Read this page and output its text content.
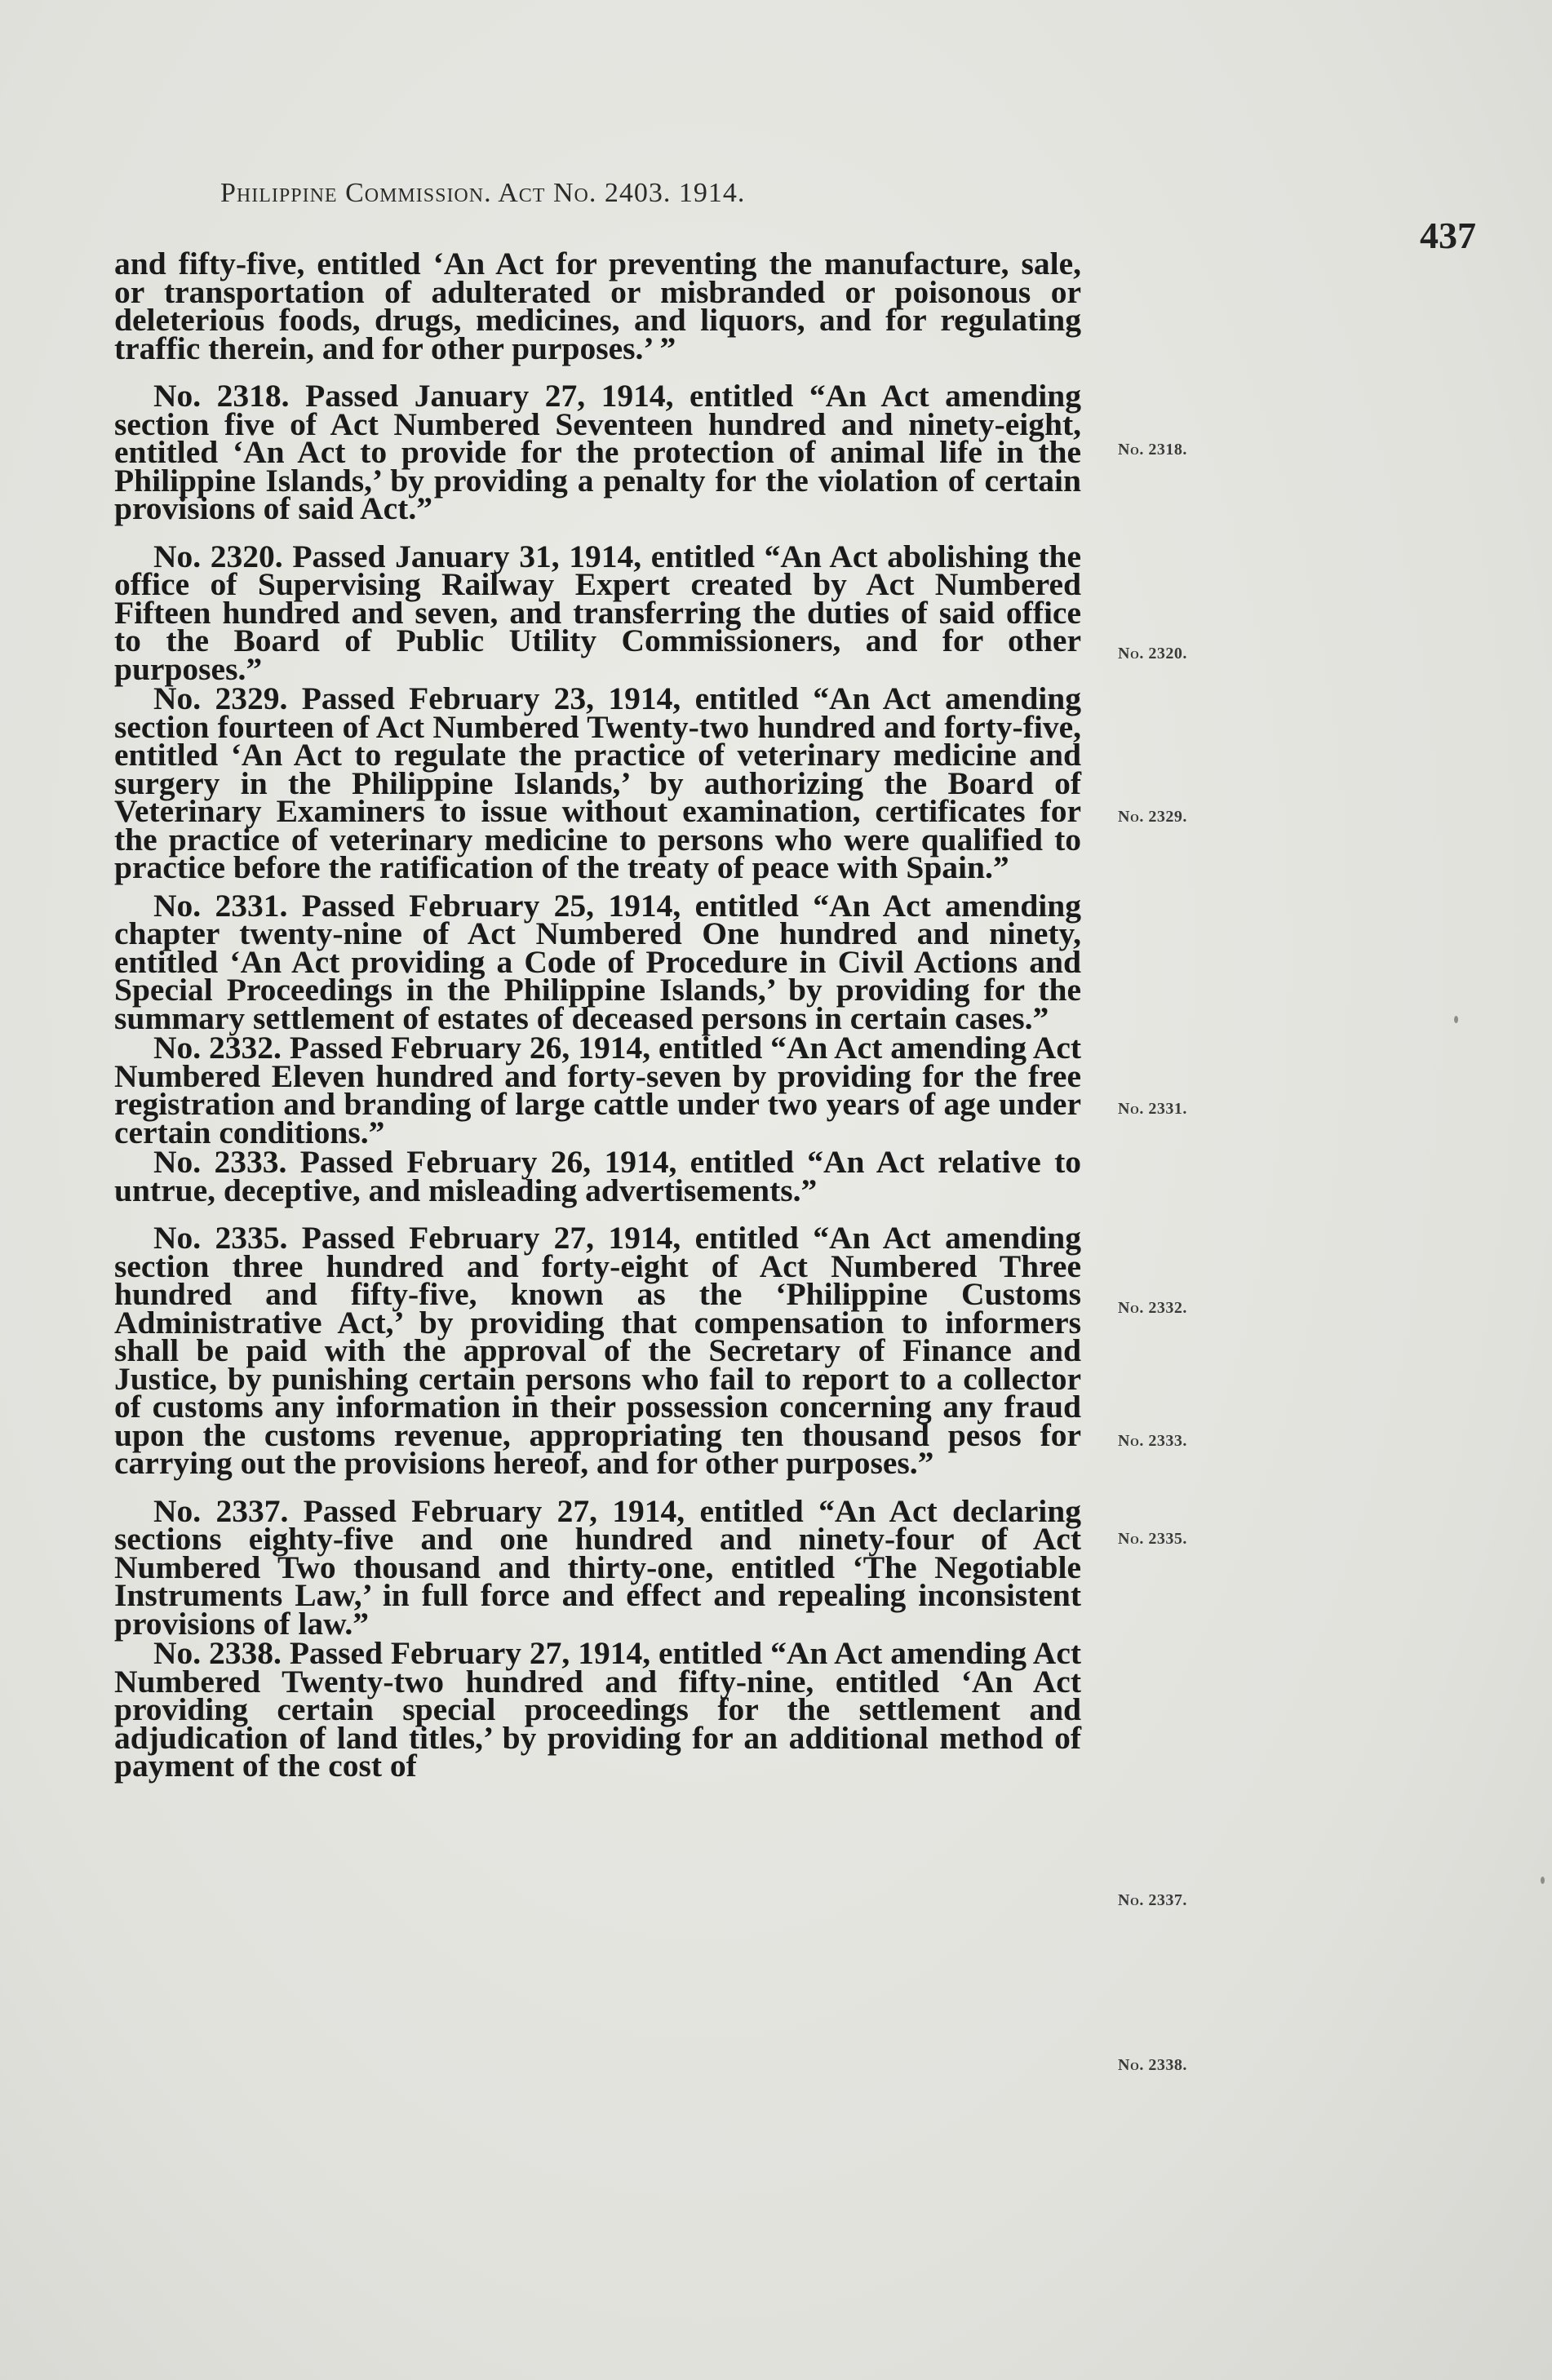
Philippine Commission. Act No. 2403. 1914.
437

and fifty-five, entitled ‘An Act for preventing the manufacture, sale, or transportation of adulterated or misbranded or poisonous or deleterious foods, drugs, medicines, and liquors, and for regulating traffic therein, and for other purposes.’ ”

No. 2318. Passed January 27, 1914, entitled “An Act amending section five of Act Numbered Seventeen hundred and ninety-eight, entitled ‘An Act to provide for the protection of animal life in the Philippine Islands,’ by providing a penalty for the violation of certain provisions of said Act.”

No. 2320. Passed January 31, 1914, entitled “An Act abolishing the office of Supervising Railway Expert created by Act Numbered Fifteen hundred and seven, and transferring the duties of said office to the Board of Public Utility Commissioners, and for other purposes.”

No. 2329. Passed February 23, 1914, entitled “An Act amending section fourteen of Act Numbered Twenty-two hundred and forty-five, entitled ‘An Act to regulate the practice of veterinary medicine and surgery in the Philippine Islands,’ by authorizing the Board of Veterinary Examiners to issue without examination, certificates for the practice of veterinary medicine to persons who were qualified to practice before the ratification of the treaty of peace with Spain.”

No. 2331. Passed February 25, 1914, entitled “An Act amending chapter twenty-nine of Act Numbered One hundred and ninety, entitled ‘An Act providing a Code of Procedure in Civil Actions and Special Proceedings in the Philippine Islands,’ by providing for the summary settlement of estates of deceased persons in certain cases.”

No. 2332. Passed February 26, 1914, entitled “An Act amending Act Numbered Eleven hundred and forty-seven by providing for the free registration and branding of large cattle under two years of age under certain conditions.”

No. 2333. Passed February 26, 1914, entitled “An Act relative to untrue, deceptive, and misleading advertisements.”

No. 2335. Passed February 27, 1914, entitled “An Act amending section three hundred and forty-eight of Act Numbered Three hundred and fifty-five, known as the ‘Philippine Customs Administrative Act,’ by providing that compensation to informers shall be paid with the approval of the Secretary of Finance and Justice, by punishing certain persons who fail to report to a collector of customs any information in their possession concerning any fraud upon the customs revenue, appropriating ten thousand pesos for carrying out the provisions hereof, and for other purposes.”

No. 2337. Passed February 27, 1914, entitled “An Act declaring sections eighty-five and one hundred and ninety-four of Act Numbered Two thousand and thirty-one, entitled ‘The Negotiable Instruments Law,’ in full force and effect and repealing inconsistent provisions of law.”

No. 2338. Passed February 27, 1914, entitled “An Act amending Act Numbered Twenty-two hundred and fifty-nine, entitled ‘An Act providing certain special proceedings for the settlement and adjudication of land titles,’ by providing for an additional method of payment of the cost of

No. 2318.
No. 2320.
No. 2329.
No. 2331.
No. 2332.
No. 2333.
No. 2335.
No. 2337.
No. 2338.
